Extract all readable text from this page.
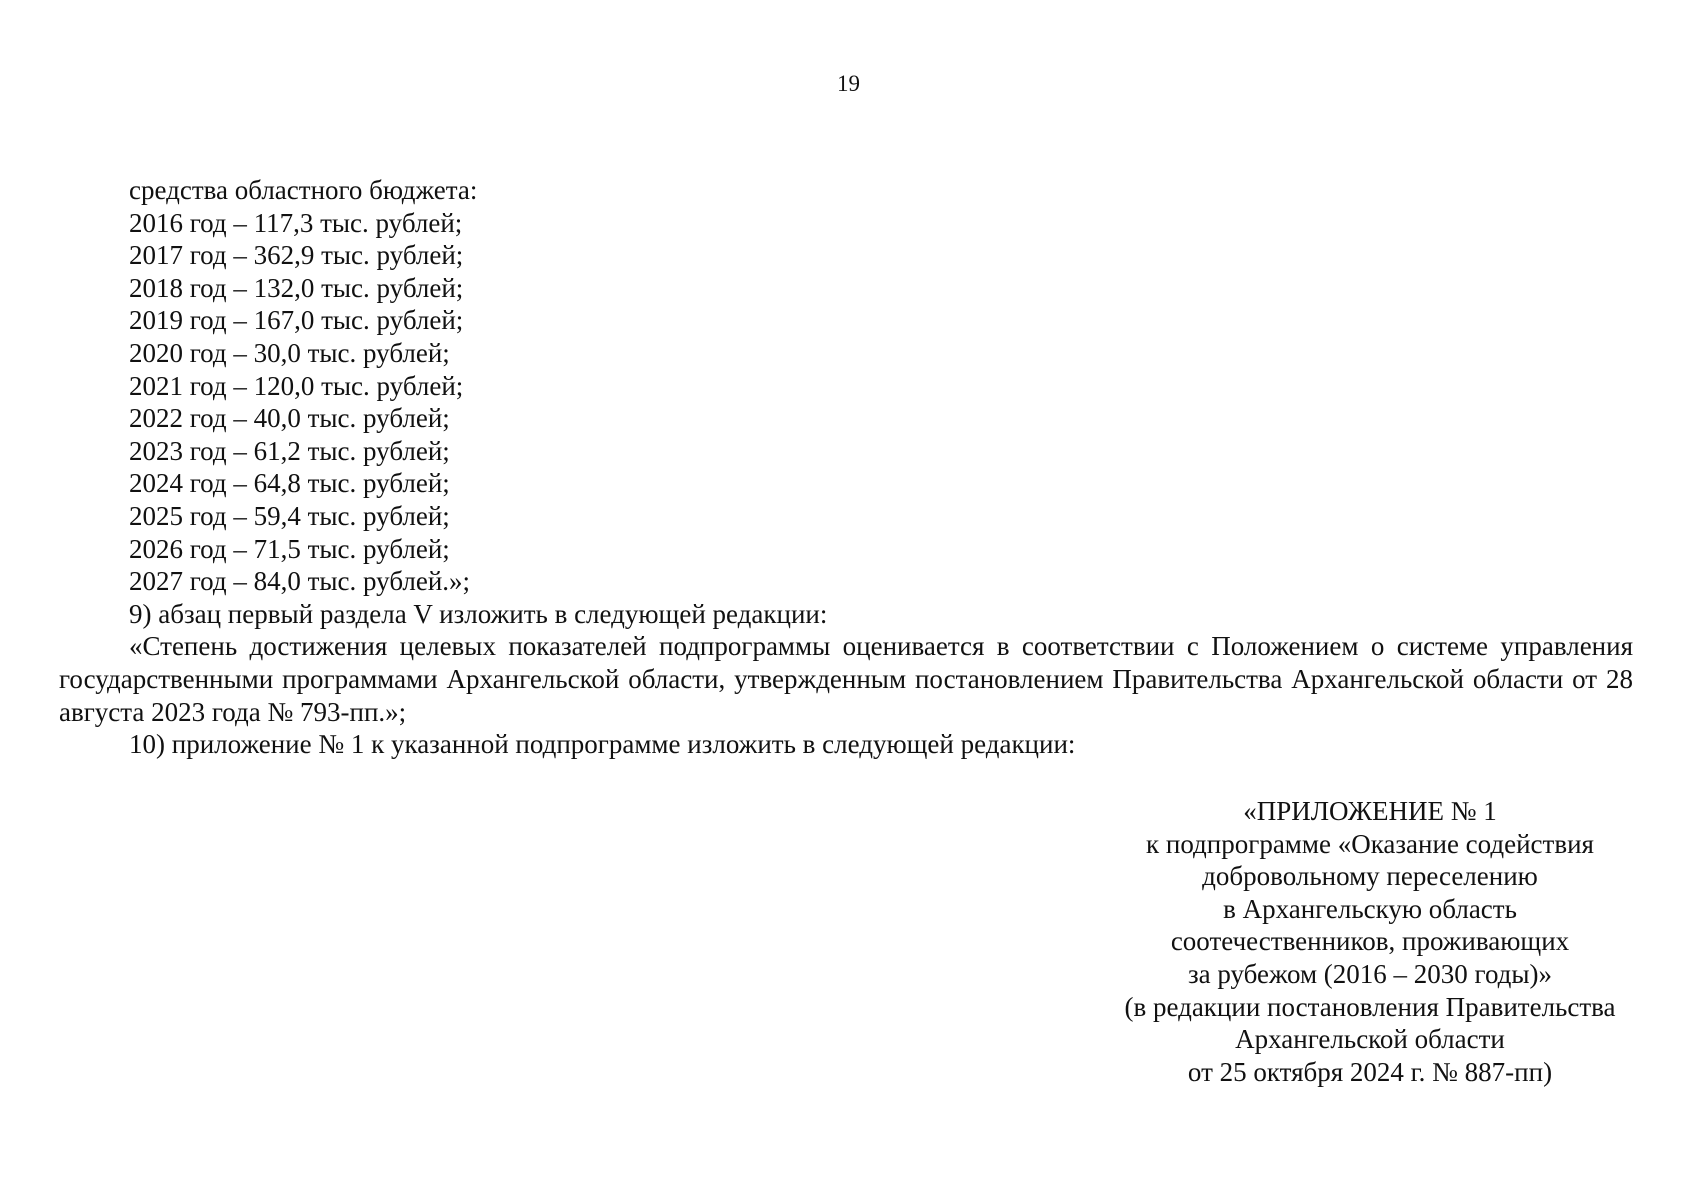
19
средства областного бюджета:
2016 год – 117,3 тыс. рублей;
2017 год – 362,9 тыс. рублей;
2018 год – 132,0 тыс. рублей;
2019 год – 167,0 тыс. рублей;
2020 год – 30,0 тыс. рублей;
2021 год – 120,0 тыс. рублей;
2022 год – 40,0 тыс. рублей;
2023 год – 61,2 тыс. рублей;
2024 год – 64,8 тыс. рублей;
2025 год – 59,4 тыс. рублей;
2026 год – 71,5 тыс. рублей;
2027 год – 84,0 тыс. рублей.»;
9) абзац первый раздела V изложить в следующей редакции:
«Степень достижения целевых показателей подпрограммы оценивается в соответствии с Положением о системе управления государственными программами Архангельской области, утвержденным постановлением Правительства Архангельской области от 28 августа 2023 года № 793-пп.»;
10) приложение № 1 к указанной подпрограмме изложить в следующей редакции:
«ПРИЛОЖЕНИЕ № 1
к подпрограмме «Оказание содействия
добровольному переселению
в Архангельскую область
соотечественников, проживающих
за рубежом (2016 – 2030 годы)»
(в редакции постановления Правительства
Архангельской области
от 25 октября 2024 г. № 887-пп)
